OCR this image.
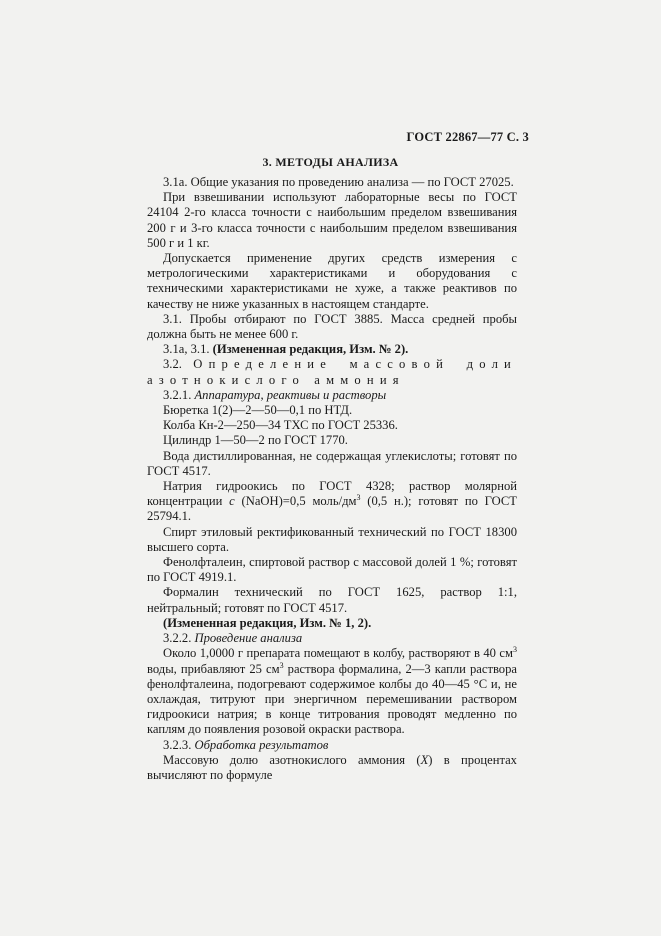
ГОСТ 22867—77 С. 3
3. МЕТОДЫ АНАЛИЗА

3.1а. Общие указания по проведению анализа — по ГОСТ 27025.

При взвешивании используют лабораторные весы по ГОСТ 24104 2-го класса точности с наибольшим пределом взвешивания 200 г и 3-го класса точности с наибольшим пределом взвешивания 500 г и 1 кг.

Допускается применение других средств измерения с метрологическими характеристиками и оборудования с техническими характеристиками не хуже, а также реактивов по качеству не ниже указанных в настоящем стандарте.

3.1. Пробы отбирают по ГОСТ 3885. Масса средней пробы должна быть не менее 600 г.

3.1а, 3.1. (Измененная редакция, Изм. № 2).

3.2. Определение массовой доли азотнокислого аммония

3.2.1. Аппаратура, реактивы и растворы

Бюретка 1(2)—2—50—0,1 по НТД.

Колба Кн-2—250—34 ТХС по ГОСТ 25336.

Цилиндр 1—50—2 по ГОСТ 1770.

Вода дистиллированная, не содержащая углекислоты; готовят по ГОСТ 4517.

Натрия гидроокись по ГОСТ 4328; раствор молярной концентрации с (NaOH)=0,5 моль/$дм^3$ (0,5 н.); готовят по ГОСТ 25794.1.

Спирт этиловый ректификованный технический по ГОСТ 18300 высшего сорта.

Фенолфталеин, спиртовой раствор с массовой долей 1 %; готовят по ГОСТ 4919.1.

Формалин технический по ГОСТ 1625, раствор 1:1, нейтральный; готовят по ГОСТ 4517.

(Измененная редакция, Изм. № 1, 2).

3.2.2. Проведение анализа

Около 1,0000 г препарата помещают в колбу, растворяют в 40 $см^3$ воды, прибавляют 25 $см^3$ раствора формалина, 2—3 капли раствора фенолфталеина, подогревают содержимое колбы до 40—45 °С и, не охлаждая, титруют при энергичном перемешивании раствором гидроокиси натрия; в конце титрования проводят медленно по каплям до появления розовой окраски раствора.

3.2.3. Обработка результатов

Массовую долю азотнокислого аммония (X) в процентах вычисляют по формуле
